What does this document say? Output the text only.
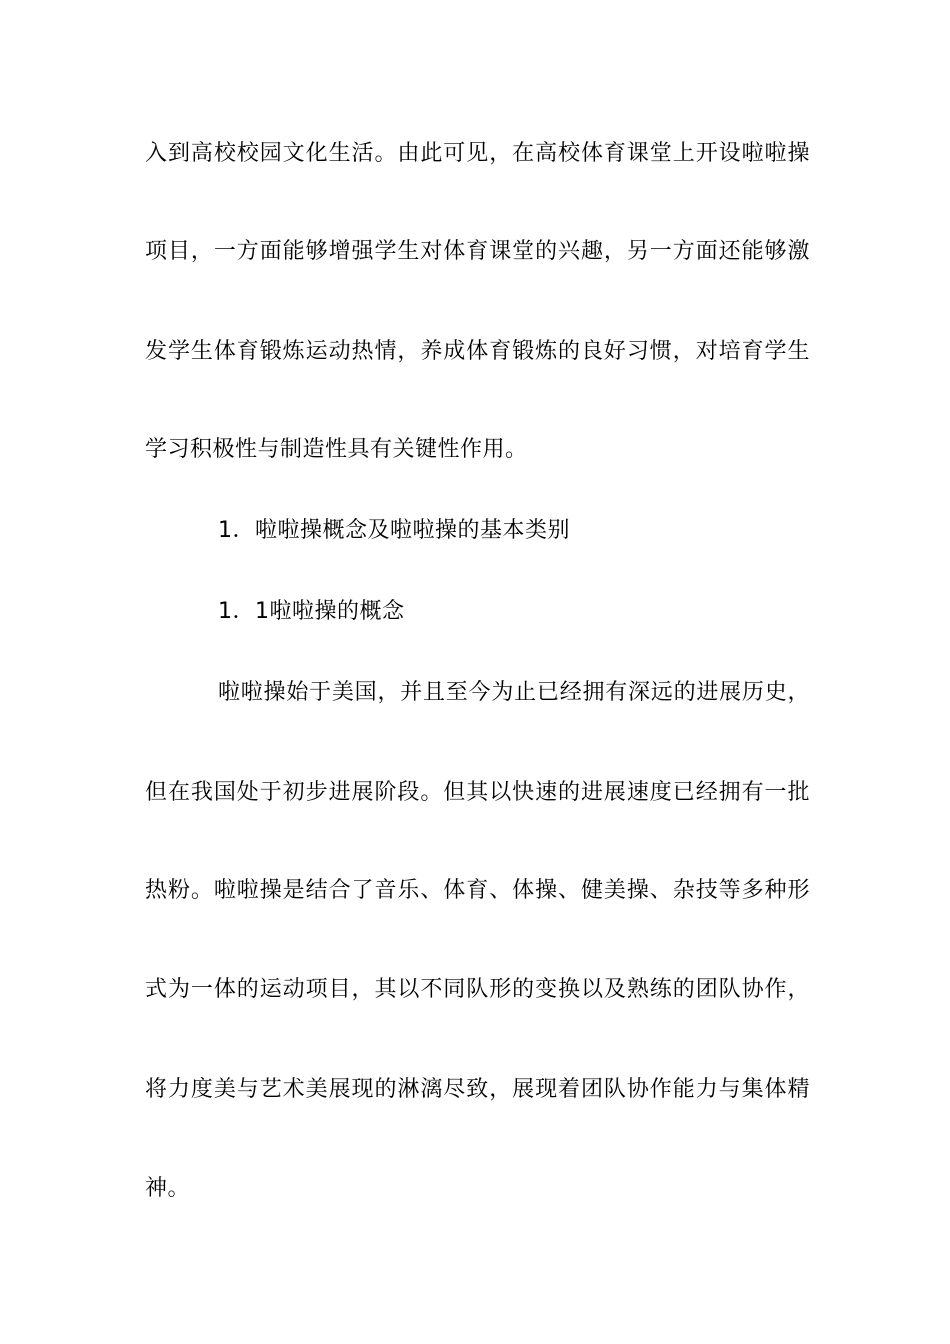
入到高校校园文化生活。由此可见，在高校体育课堂上开设啦啦操
项目，一方面能够增强学生对体育课堂的兴趣，另一方面还能够激
发学生体育锻炼运动热情，养成体育锻炼的良好习惯，对培育学生
学习积极性与制造性具有关键性作用。
1．啦啦操概念及啦啦操的基本类别
1．1啦啦操的概念
啦啦操始于美国，并且至今为止已经拥有深远的进展历史，
但在我国处于初步进展阶段。但其以快速的进展速度已经拥有一批
热粉。啦啦操是结合了音乐、体育、体操、健美操、杂技等多种形
式为一体的运动项目，其以不同队形的变换以及熟练的团队协作，
将力度美与艺术美展现的淋漓尽致，展现着团队协作能力与集体精
神。
